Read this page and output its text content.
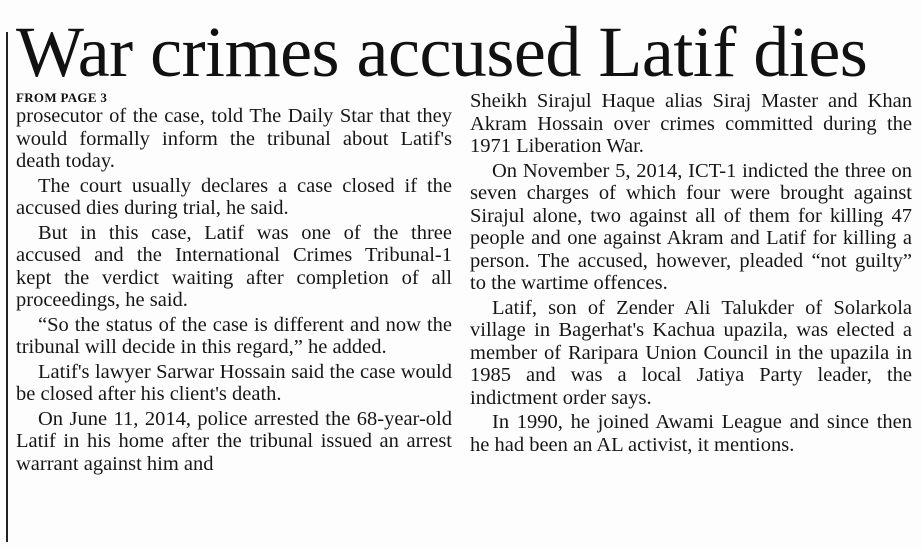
War crimes accused Latif dies
FROM PAGE 3

prosecutor of the case, told The Daily Star that they would formally inform the tribunal about Latif's death today.

The court usually declares a case closed if the accused dies during trial, he said.

But in this case, Latif was one of the three accused and the International Crimes Tribunal-1 kept the verdict waiting after completion of all proceedings, he said.

“So the status of the case is different and now the tribunal will decide in this regard,” he added.

Latif's lawyer Sarwar Hossain said the case would be closed after his client's death.

On June 11, 2014, police arrested the 68-year-old Latif in his home after the tribunal issued an arrest warrant against him and

Sheikh Sirajul Haque alias Siraj Master and Khan Akram Hossain over crimes committed during the 1971 Liberation War.

On November 5, 2014, ICT-1 indicted the three on seven charges of which four were brought against Sirajul alone, two against all of them for killing 47 people and one against Akram and Latif for killing a person. The accused, however, pleaded “not guilty” to the wartime offences.

Latif, son of Zender Ali Talukder of Solarkola village in Bagerhat's Kachua upazila, was elected a member of Raripara Union Council in the upazila in 1985 and was a local Jatiya Party leader, the indictment order says.

In 1990, he joined Awami League and since then he had been an AL activist, it mentions.
